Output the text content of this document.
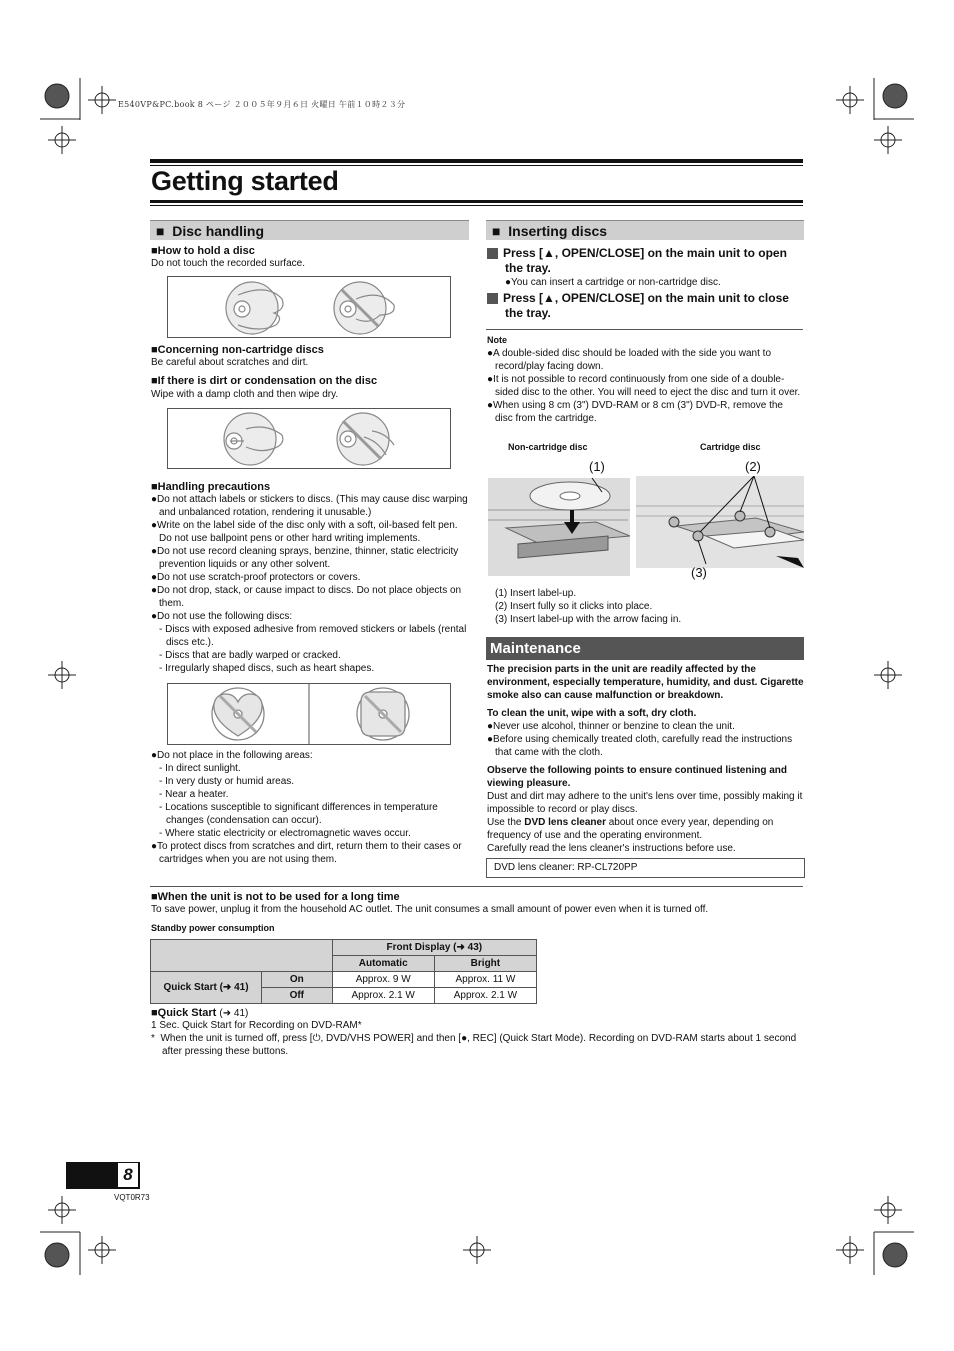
E540VP&PC.book 8 ページ ２００５年９月６日 火曜日 午前１０時２３分
Getting started
■  Disc handling
■How to hold a disc
Do not touch the recorded surface.
■Concerning non-cartridge discs
Be careful about scratches and dirt.
■If there is dirt or condensation on the disc
Wipe with a damp cloth and then wipe dry.
■Handling precautions
●Do not attach labels or stickers to discs. (This may cause disc warping and unbalanced rotation, rendering it unusable.)
●Write on the label side of the disc only with a soft, oil-based felt pen. Do not use ballpoint pens or other hard writing implements.
●Do not use record cleaning sprays, benzine, thinner, static electricity prevention liquids or any other solvent.
●Do not use scratch-proof protectors or covers.
●Do not drop, stack, or cause impact to discs. Do not place objects on them.
●Do not use the following discs:
- Discs with exposed adhesive from removed stickers or labels (rental discs etc.).
- Discs that are badly warped or cracked.
- Irregularly shaped discs, such as heart shapes.
●Do not place in the following areas:
- In direct sunlight.
- In very dusty or humid areas.
- Near a heater.
- Locations susceptible to significant differences in temperature changes (condensation can occur).
- Where static electricity or electromagnetic waves occur.
●To protect discs from scratches and dirt, return them to their cases or cartridges when you are not using them.
■  Inserting discs
1 Press [▲, OPEN/CLOSE] on the main unit to open the tray.
●You can insert a cartridge or non-cartridge disc.
2 Press [▲, OPEN/CLOSE] on the main unit to close the tray.
Note
●A double-sided disc should be loaded with the side you want to record/play facing down.
●It is not possible to record continuously from one side of a double-sided disc to the other. You will need to eject the disc and turn it over.
●When using 8 cm (3") DVD-RAM or 8 cm (3") DVD-R, remove the disc from the cartridge.
Non-cartridge disc	Cartridge disc
(1)	(2)
(3)
(1) Insert label-up.
(2) Insert fully so it clicks into place.
(3) Insert label-up with the arrow facing in.
Maintenance
The precision parts in the unit are readily affected by the environment, especially temperature, humidity, and dust. Cigarette smoke also can cause malfunction or breakdown.
To clean the unit, wipe with a soft, dry cloth.
●Never use alcohol, thinner or benzine to clean the unit.
●Before using chemically treated cloth, carefully read the instructions that came with the cloth.
Observe the following points to ensure continued listening and viewing pleasure.
Dust and dirt may adhere to the unit's lens over time, possibly making it impossible to record or play discs.
Use the DVD lens cleaner about once every year, depending on frequency of use and the operating environment.
Carefully read the lens cleaner's instructions before use.
DVD lens cleaner: RP-CL720PP
■When the unit is not to be used for a long time
To save power, unplug it from the household AC outlet. The unit consumes a small amount of power even when it is turned off.
Standby power consumption
		Front Display (➜ 43)	
		Automatic	Bright
Quick Start (➜ 41)	On	Approx. 9 W	Approx. 11 W
	Off	Approx. 2.1 W	Approx. 2.1 W
■Quick Start (➜ 41)
1 Sec. Quick Start for Recording on DVD-RAM*
*  When the unit is turned off, press [⏻, DVD/VHS POWER] and then [●, REC] (Quick Start Mode). Recording on DVD-RAM starts about 1 second after pressing these buttons.
8
VQT0R73
